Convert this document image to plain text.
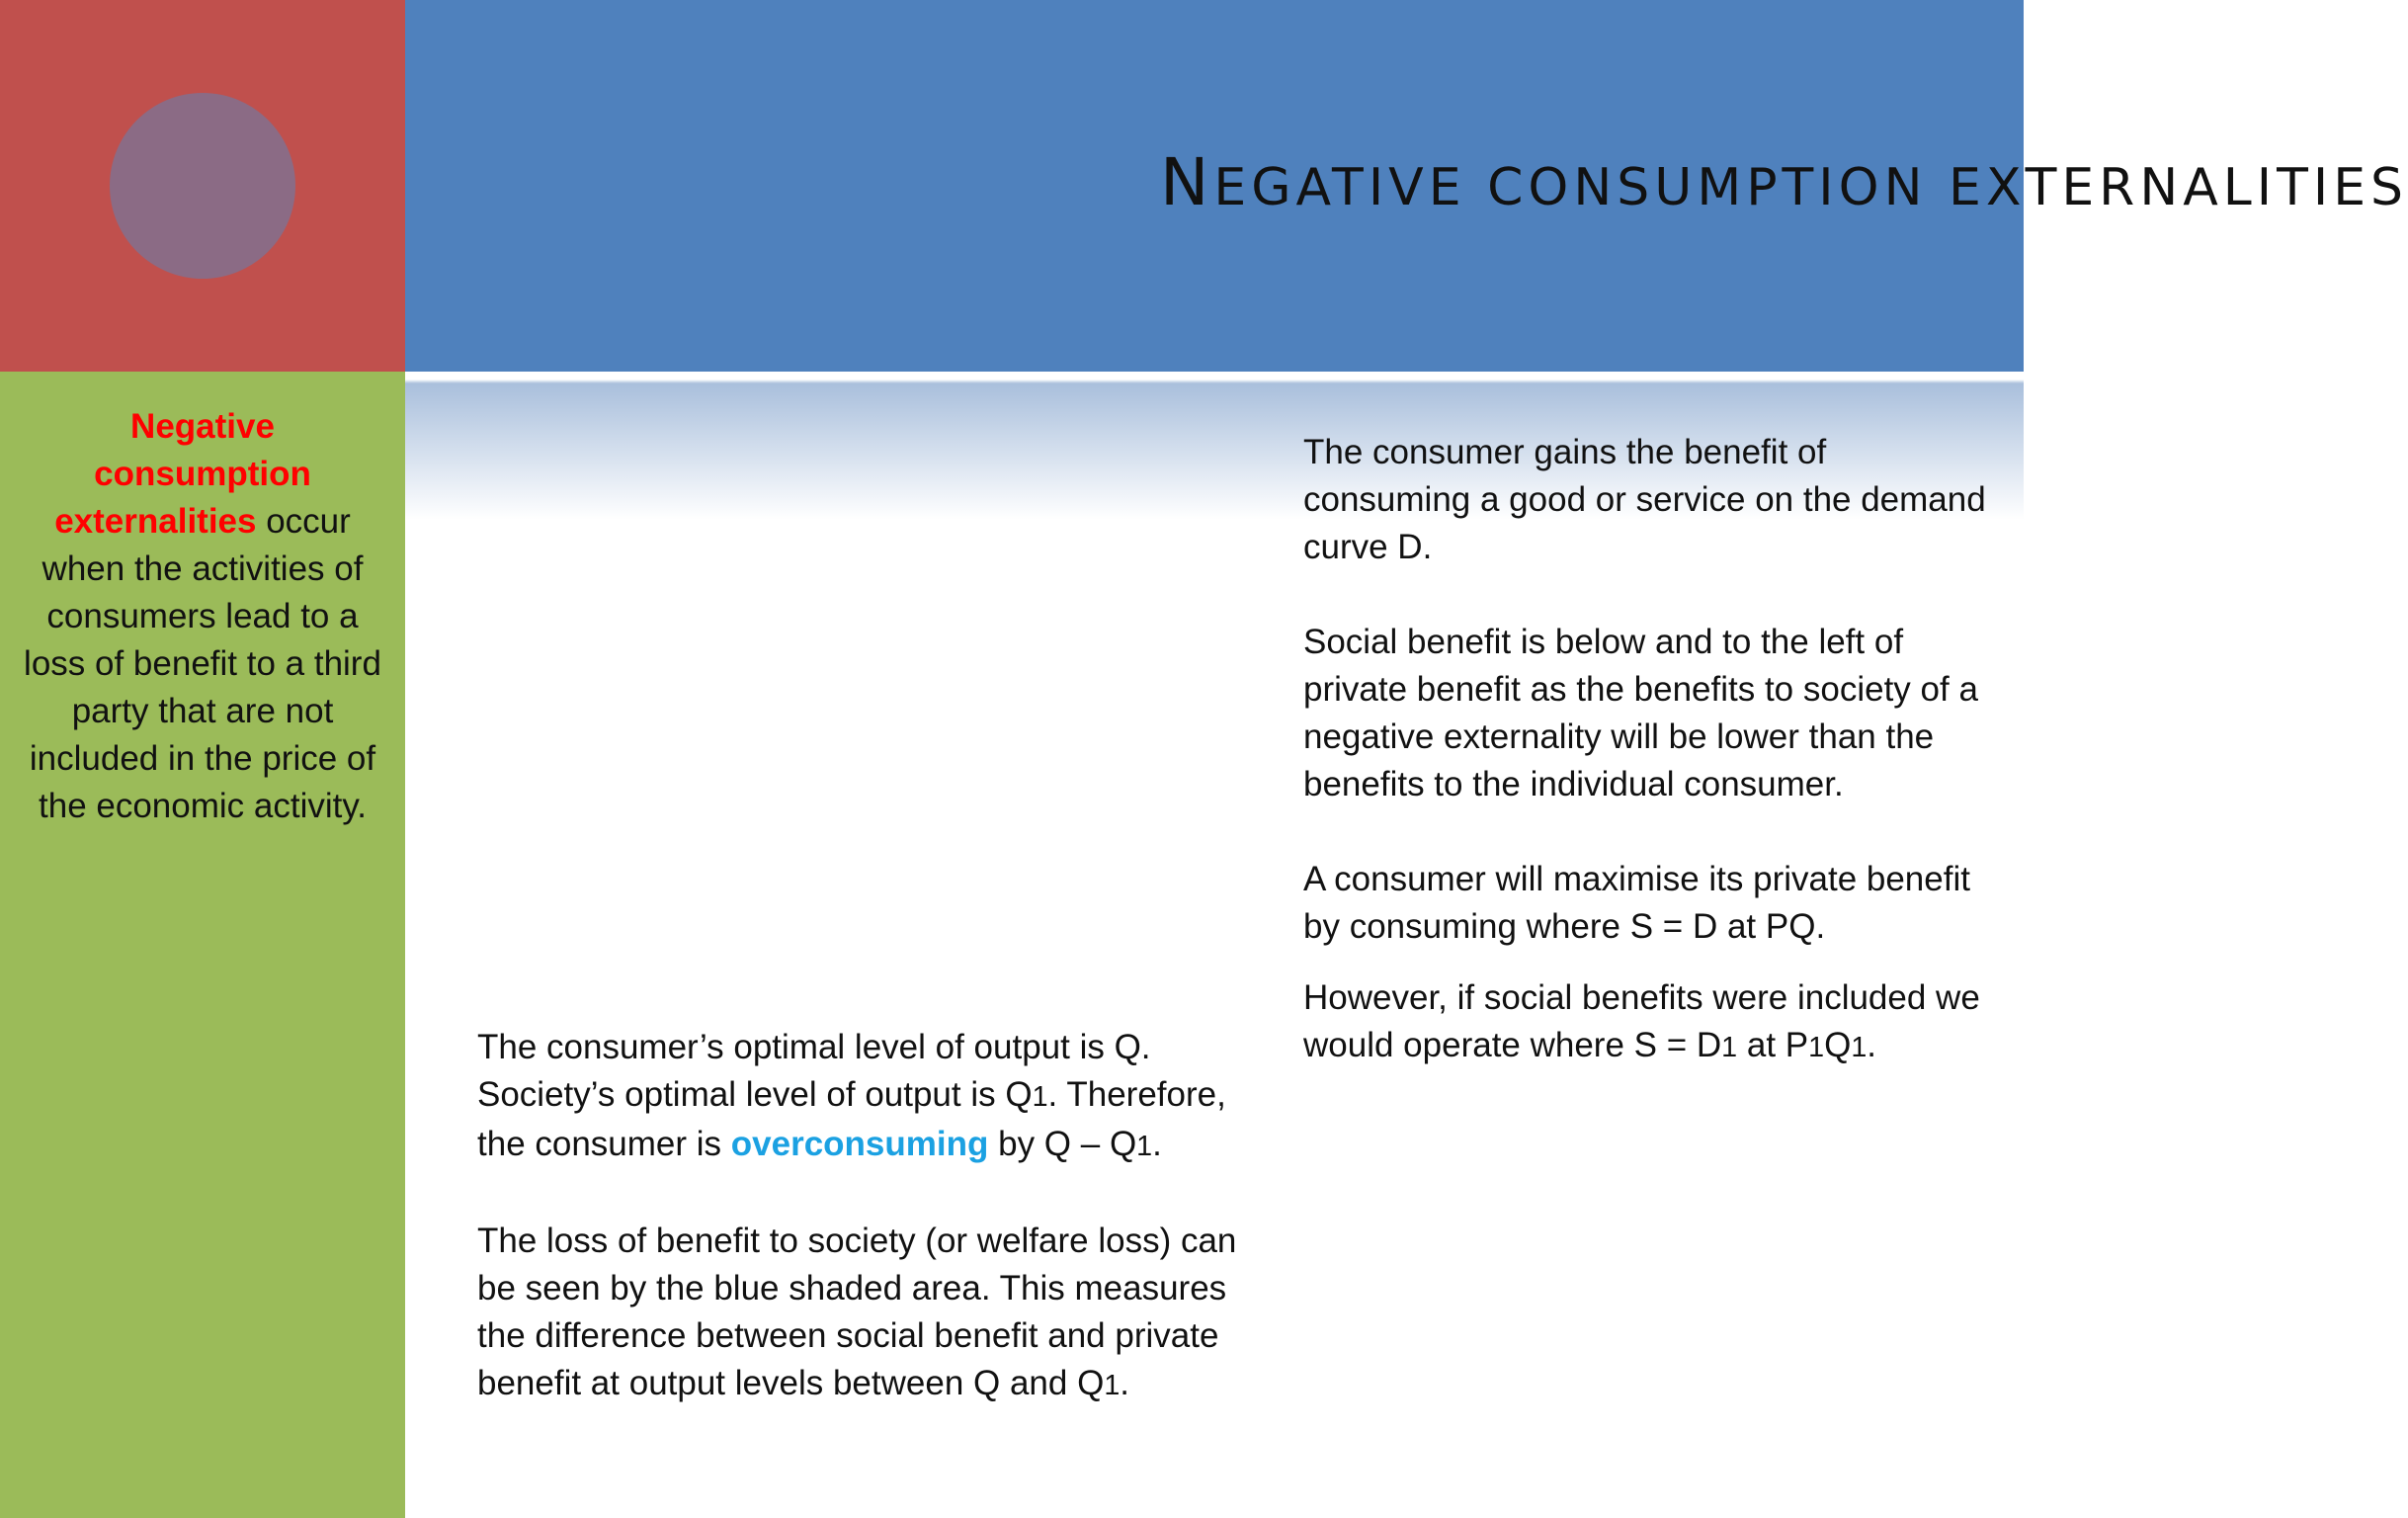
NEGATIVE CONSUMPTION EXTERNALITIES
Negative
consumption
externalities occur when the activities of consumers lead to a loss of benefit to a third party that are not included in the price of the economic activity.

The consumer’s optimal level of output is Q. Society’s optimal level of output is Q1. Therefore, the consumer is overconsuming by Q – Q1.

The loss of benefit to society (or welfare loss) can be seen by the blue shaded area. This measures the difference between social benefit and private benefit at output levels between Q and Q1.

The consumer gains the benefit of consuming a good or service on the demand curve D.

Social benefit is below and to the left of private benefit as the benefits to society of a negative externality will be lower than the benefits to the individual consumer.

A consumer will maximise its private benefit by consuming where S = D at PQ.

However, if social benefits were included we would operate where S = D1 at P1Q1.
